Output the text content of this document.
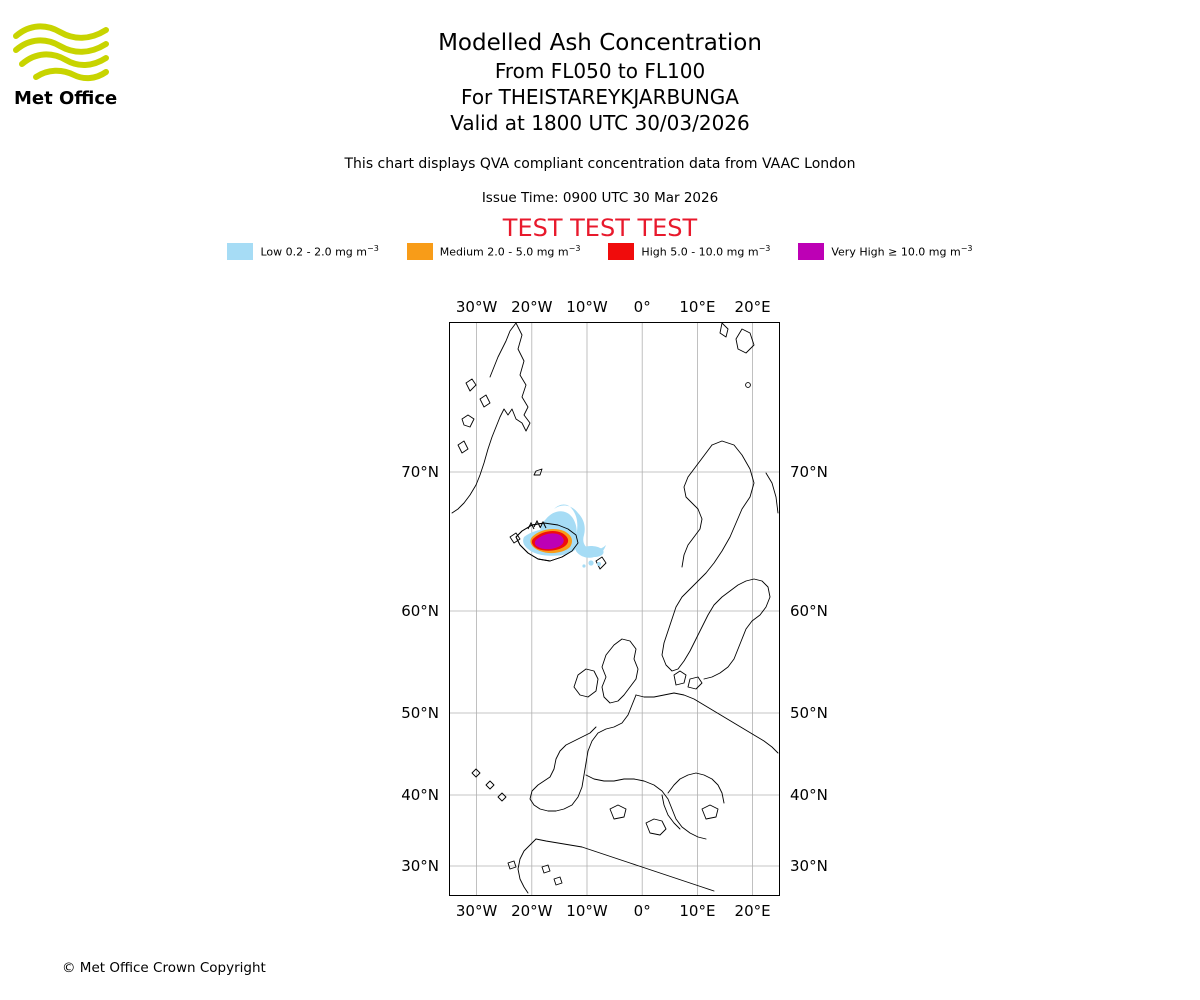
Met Office
Modelled Ash Concentration
From FL050 to FL100
For THEISTAREYKJARBUNGA
Valid at 1800 UTC 30/03/2026
This chart displays QVA compliant concentration data from VAAC London
Issue Time: 0900 UTC 30 Mar 2026
TEST TEST TEST
Low 0.2 - 2.0 mg $m^{-3}$	Medium 2.0 - 5.0 mg $m^{-3}$	High 5.0 - 10.0 mg $m^{-3}$	Very High ≥ 10.0 mg $m^{-3}$
30°W 20°W 10°W 0° 10°E 20°E
30°W 20°W 10°W 0° 10°E 20°E
70°N
60°N
50°N
40°N
30°N
70°N
60°N
50°N
40°N
30°N
© Met Office Crown Copyright
